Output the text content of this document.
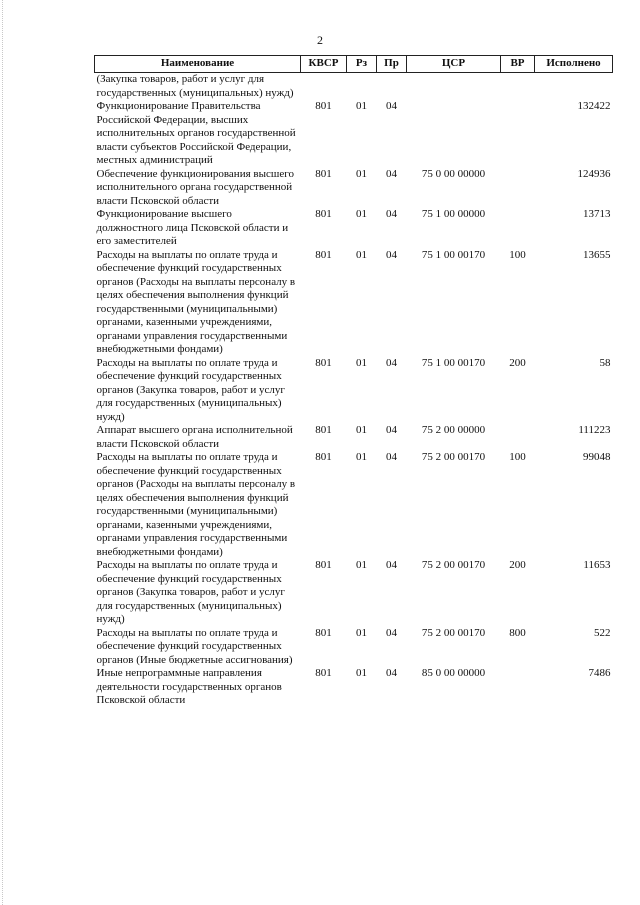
2
Наименование	КВСР	Рз	Пр	ЦСР	ВР	Исполнено
(Закупка товаров, работ и услуг для государственных (муниципальных) нужд)						
Функционирование Правительства Российской Федерации, высших исполнительных органов государственной власти субъектов Российской Федерации, местных администраций	801	01	04			132422
Обеспечение функционирования высшего исполнительного органа государственной власти Псковской области	801	01	04	75 0 00 00000		124936
Функционирование высшего должностного лица Псковской области и его заместителей	801	01	04	75 1 00 00000		13713
Расходы на выплаты по оплате труда и обеспечение функций государственных органов (Расходы на выплаты персоналу в целях обеспечения выполнения функций государственными (муниципальными) органами, казенными учреждениями, органами управления государственными внебюджетными фондами)	801	01	04	75 1 00 00170	100	13655
Расходы на выплаты по оплате труда и обеспечение функций государственных органов (Закупка товаров, работ и услуг для государственных (муниципальных) нужд)	801	01	04	75 1 00 00170	200	58
Аппарат высшего органа исполнительной власти Псковской области	801	01	04	75 2 00 00000		111223
Расходы на выплаты по оплате труда и обеспечение функций государственных органов (Расходы на выплаты персоналу в целях обеспечения выполнения функций государственными (муниципальными) органами, казенными учреждениями, органами управления государственными внебюджетными фондами)	801	01	04	75 2 00 00170	100	99048
Расходы на выплаты по оплате труда и обеспечение функций государственных органов (Закупка товаров, работ и услуг для государственных (муниципальных) нужд)	801	01	04	75 2 00 00170	200	11653
Расходы на выплаты по оплате труда и обеспечение функций государственных органов (Иные бюджетные ассигнования)	801	01	04	75 2 00 00170	800	522
Иные непрограммные направления деятельности государственных органов Псковской области	801	01	04	85 0 00 00000		7486
